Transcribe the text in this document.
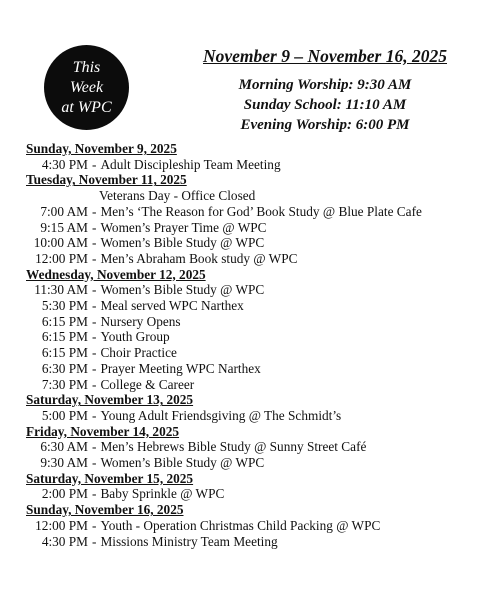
This
Week
at WPC
November 9 – November 16, 2025
Morning Worship: 9:30 AM
Sunday School: 11:10 AM
Evening Worship: 6:00 PM
Sunday, November 9, 2025
4:30 PM - Adult Discipleship Team Meeting
Tuesday, November 11, 2025
Veterans Day - Office Closed
7:00 AM - Men’s ‘The Reason for God’ Book Study @ Blue Plate Cafe
9:15 AM - Women’s Prayer Time @ WPC
10:00 AM - Women’s Bible Study @ WPC
12:00 PM - Men’s Abraham Book study @ WPC
Wednesday, November 12, 2025
11:30 AM - Women’s Bible Study @ WPC
5:30 PM - Meal served WPC Narthex
6:15 PM - Nursery Opens
6:15 PM - Youth Group
6:15 PM - Choir Practice
6:30 PM - Prayer Meeting WPC Narthex
7:30 PM - College & Career
Saturday, November 13, 2025
5:00 PM - Young Adult Friendsgiving @ The Schmidt’s
Friday, November 14, 2025
6:30 AM - Men’s Hebrews Bible Study @ Sunny Street Café
9:30 AM - Women’s Bible Study @ WPC
Saturday, November 15, 2025
2:00 PM - Baby Sprinkle @ WPC
Sunday, November 16, 2025
12:00 PM - Youth - Operation Christmas Child Packing @ WPC
4:30 PM - Missions Ministry Team Meeting
